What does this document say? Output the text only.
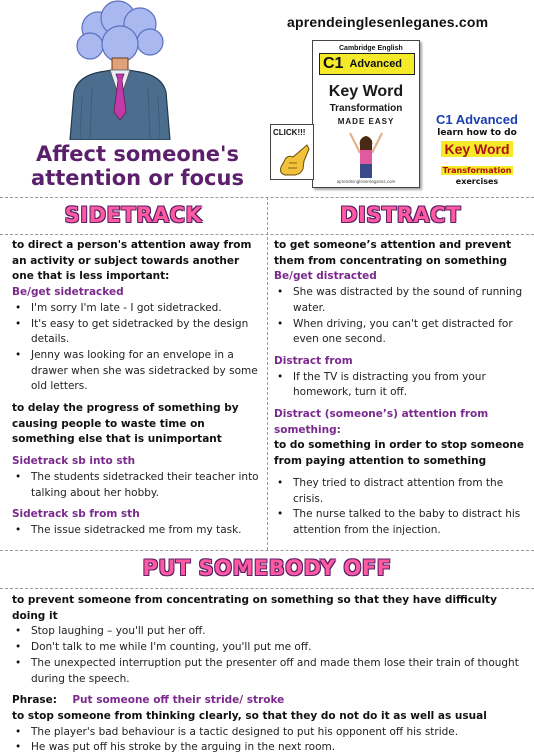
Affect someone's attention or focus
aprendeinglesenleganes.com
Cambridge English
C1 Advanced
Key Word
Transformation
MADE EASY
aprendeinglesenleganes.com
CLICK!!!
C1 Advanced
learn how to do
Key Word
Transformation
exercises
SIDETRACK	DISTRACT
PUT SOMEBODY OFF
to direct a person's attention away from an activity or subject towards another one that is less important:
Be/get sidetracked
• I'm sorry I'm late - I got sidetracked.
• It's easy to get sidetracked by the design details.
• Jenny was looking for an envelope in a drawer when she was sidetracked by some old letters.
to delay the progress of something by causing people to waste time on something else that is unimportant
Sidetrack sb into sth
• The students sidetracked their teacher into talking about her hobby.
Sidetrack sb from sth
• The issue sidetracked me from my task.
to get someone’s attention and prevent them from concentrating on something
Be/get distracted
• She was distracted by the sound of running water.
• When driving, you can't get distracted for even one second.
Distract from
• If the TV is distracting you from your homework, turn it off.
Distract (someone’s) attention from something:
to do something in order to stop someone from paying attention to something
• They tried to distract attention from the crisis.
• The nurse talked to the baby to distract his attention from the injection.
to prevent someone from concentrating on something so that they have difficulty doing it
• Stop laughing – you'll put her off.
• Don't talk to me while I'm counting, you'll put me off.
• The unexpected interruption put the presenter off and made them lose their train of thought during the speech.
Phrase: Put someone off their stride/ stroke
to stop someone from thinking clearly, so that they do not do it as well as usual
• The player's bad behaviour is a tactic designed to put his opponent off his stride.
• He was put off his stroke by the arguing in the next room.
